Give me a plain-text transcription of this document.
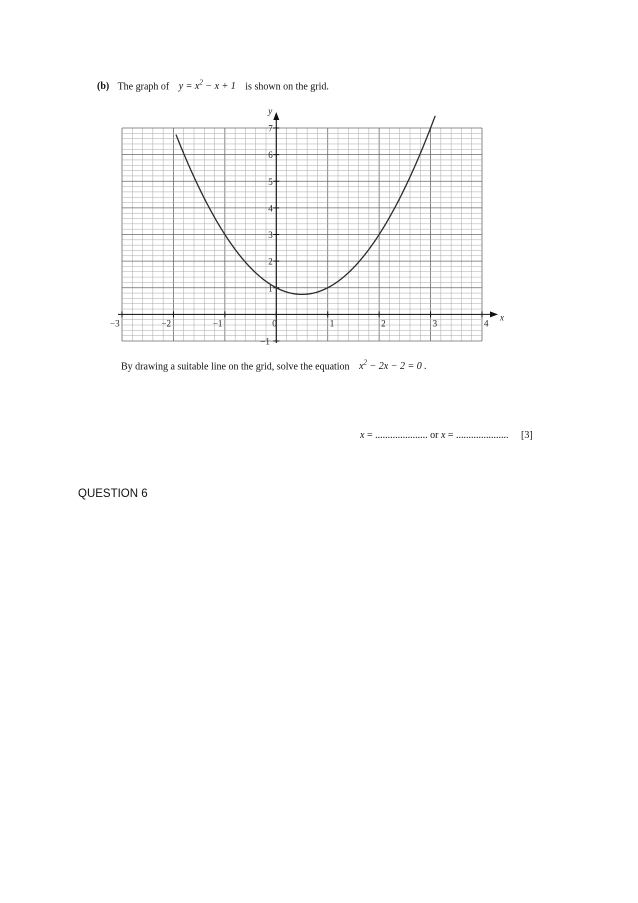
(b) The graph of $y = x^2 - x + 1$ is shown on the grid.
x
y
−3	−2	−1	0	1	2	3	4
−1
1
2
3
4
5
6
7
By drawing a suitable line on the grid, solve the equation $x^2 - 2x - 2 = 0$ .
x = ..................... or x = ..................... [3]
QUESTION 6
